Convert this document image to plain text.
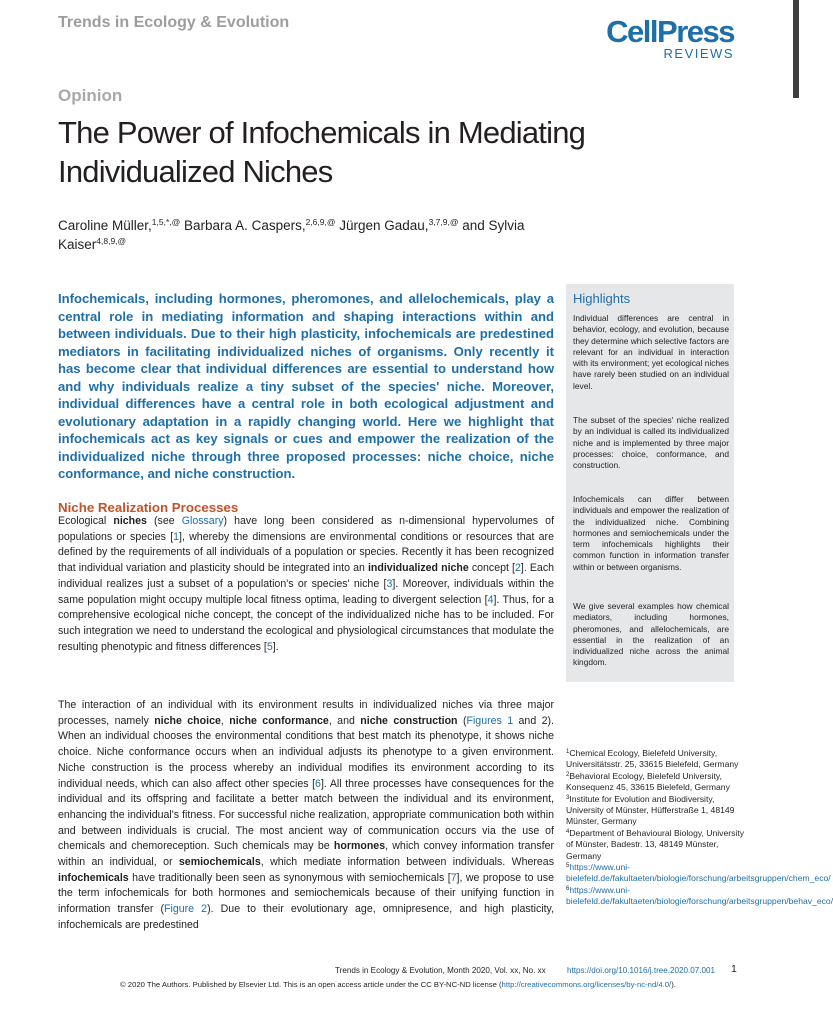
Trends in Ecology & Evolution	CellPress
REVIEWS
Opinion
The Power of Infochemicals in Mediating Individualized Niches
Caroline Müller,$^{1,5,*,@}$ Barbara A. Caspers,$^{2,6,9,@}$ Jürgen Gadau,$^{3,7,9,@}$ and Sylvia Kaiser$^{4,8,9,@}$
Infochemicals, including hormones, pheromones, and allelochemicals, play a central role in mediating information and shaping interactions within and between individuals. Due to their high plasticity, infochemicals are predestined mediators in facilitating individualized niches of organisms. Only recently it has become clear that individual differences are essential to understand how and why individuals realize a tiny subset of the species' niche. Moreover, individual differences have a central role in both ecological adjustment and evolutionary adaptation in a rapidly changing world. Here we highlight that infochemicals act as key signals or cues and empower the realization of the individualized niche through three proposed processes: niche choice, niche conformance, and niche construction.
Highlights
Individual differences are central in behavior, ecology, and evolution, because they determine which selective factors are relevant for an individual in interaction with its environment; yet ecological niches have rarely been studied on an individual level.
The subset of the species' niche realized by an individual is called its individualized niche and is implemented by three major processes: choice, conformance, and construction.
Infochemicals can differ between individuals and empower the realization of the individualized niche. Combining hormones and semiochemicals under the term infochemicals highlights their common function in information transfer within or between organisms.
We give several examples how chemical mediators, including hormones, pheromones, and allelochemicals, are essential in the realization of an individualized niche across the animal kingdom.
Niche Realization Processes
Ecological niches (see Glossary) have long been considered as n-dimensional hypervolumes of populations or species [1], whereby the dimensions are environmental conditions or resources that are defined by the requirements of all individuals of a population or species. Recently it has been recognized that individual variation and plasticity should be integrated into an individualized niche concept [2]. Each individual realizes just a subset of a population's or species' niche [3]. Moreover, individuals within the same population might occupy multiple local fitness optima, leading to divergent selection [4]. Thus, for a comprehensive ecological niche concept, the concept of the individualized niche has to be included. For such integration we need to understand the ecological and physiological circumstances that modulate the resulting phenotypic and fitness differences [5].
The interaction of an individual with its environment results in individualized niches via three major processes, namely niche choice, niche conformance, and niche construction (Figures 1 and 2). When an individual chooses the environmental conditions that best match its phenotype, it shows niche choice. Niche conformance occurs when an individual adjusts its phenotype to a given environment. Niche construction is the process whereby an individual modifies its environment according to its individual needs, which can also affect other species [6]. All three processes have consequences for the individual and its offspring and facilitate a better match between the individual and its environment, enhancing the individual's fitness. For successful niche realization, appropriate communication both within and between individuals is crucial. The most ancient way of communication occurs via the use of chemicals and chemoreception. Such chemicals may be hormones, which convey information transfer within an individual, or semiochemicals, which mediate information between individuals. Whereas infochemicals have traditionally been seen as synonymous with semiochemicals [7], we propose to use the term infochemicals for both hormones and semiochemicals because of their unifying function in information transfer (Figure 2). Due to their evolutionary age, omnipresence, and high plasticity, infochemicals are predestined
$^1$Chemical Ecology, Bielefeld University, Universitätsstr. 25, 33615 Bielefeld, Germany
$^2$Behavioral Ecology, Bielefeld University, Konsequenz 45, 33615 Bielefeld, Germany
$^3$Institute for Evolution and Biodiversity, University of Münster, Hüfferstraße 1, 48149 Münster, Germany
$^4$Department of Behavioural Biology, University of Münster, Badestr. 13, 48149 Münster, Germany
$^5$https://www.uni-bielefeld.de/fakultaeten/biologie/forschung/arbeitsgruppen/chem_eco/
$^6$https://www.uni-bielefeld.de/fakultaeten/biologie/forschung/arbeitsgruppen/behav_eco/
Trends in Ecology & Evolution, Month 2020, Vol. xx, No. xx	https://doi.org/10.1016/j.tree.2020.07.001 1
© 2020 The Authors. Published by Elsevier Ltd. This is an open access article under the CC BY-NC-ND license (http://creativecommons.org/licenses/by-nc-nd/4.0/).
